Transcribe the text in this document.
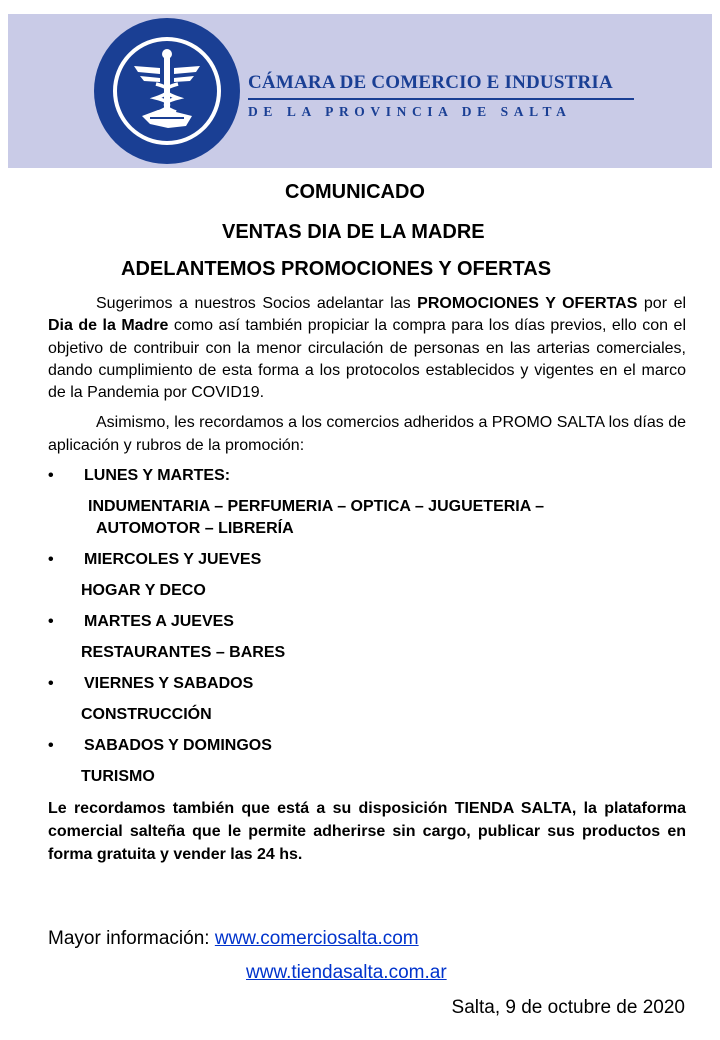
CÁMARA DE COMERCIO E INDUSTRIA
DE LA PROVINCIA DE SALTA
COMUNICADO
VENTAS DIA DE LA MADRE
ADELANTEMOS PROMOCIONES Y OFERTAS

Sugerimos a nuestros Socios adelantar las PROMOCIONES Y OFERTAS por el Dia de la Madre como así también propiciar la compra para los días previos, ello con el objetivo de contribuir con la menor circulación de personas en las arterias comerciales, dando cumplimiento de esta forma a los protocolos establecidos y vigentes en el marco de la Pandemia por COVID19.

Asimismo, les recordamos a los comercios adheridos a PROMO SALTA los días de aplicación y rubros de la promoción:

•	LUNES Y MARTES:
INDUMENTARIA – PERFUMERIA – OPTICA – JUGUETERIA –
AUTOMOTOR – LIBRERÍA
•	MIERCOLES Y JUEVES
HOGAR Y DECO
•	MARTES A JUEVES
RESTAURANTES – BARES
•	VIERNES Y SABADOS
CONSTRUCCIÓN
•	SABADOS Y DOMINGOS
TURISMO

Le recordamos también que está a su disposición TIENDA SALTA, la plataforma comercial salteña que le permite adherirse sin cargo, publicar sus productos en forma gratuita y vender las 24 hs.

Mayor información: www.comerciosalta.com
www.tiendasalta.com.ar
Salta, 9 de octubre de 2020
